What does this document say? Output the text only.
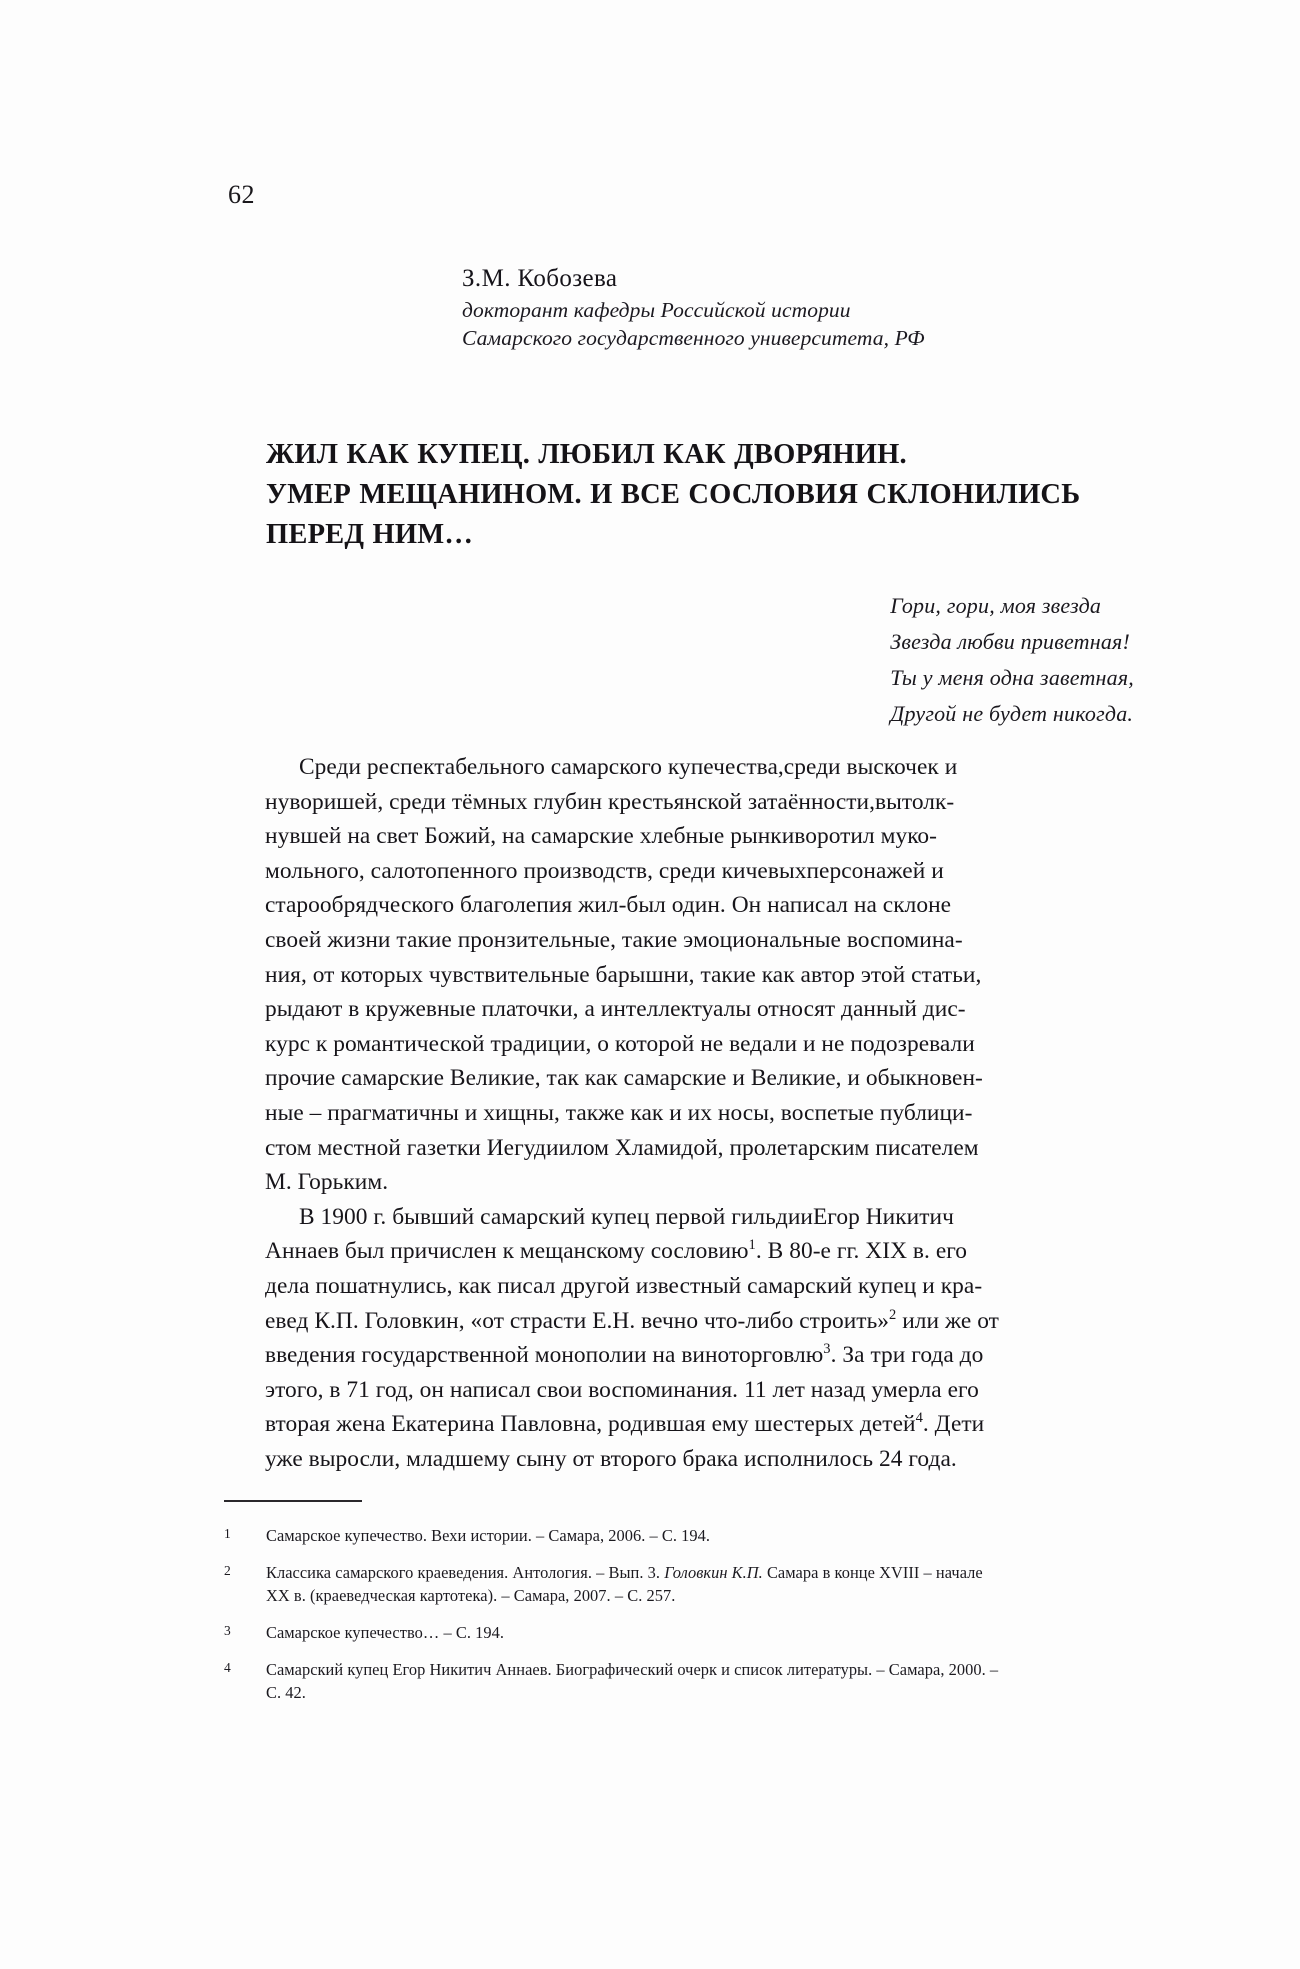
62
З.М. Кобозева
докторант кафедры Российской истории
Самарского государственного университета, РФ
ЖИЛ КАК КУПЕЦ. ЛЮБИЛ КАК ДВОРЯНИН.
УМЕР МЕЩАНИНОМ. И ВСЕ СОСЛОВИЯ СКЛОНИЛИСЬ
ПЕРЕД НИМ…
Гори, гори, моя звезда
Звезда любви приветная!
Ты у меня одна заветная,
Другой не будет никогда.

Среди респектабельного самарского купечества, среди выскочек и
нуворишей, среди тёмных глубин крестьянской затаённости, вытолк-
нувшей на свет Божий, на самарские хлебные рынки воротил муко-
мольного, салотопенного производств, среди кичевых персонажей и
старообрядческого благолепия жил-был один. Он написал на склоне
своей жизни такие пронзительные, такие эмоциональные воспомина-
ния, от которых чувствительные барышни, такие как автор этой статьи,
рыдают в кружевные платочки, а интеллектуалы относят данный дис-
курс к романтической традиции, о которой не ведали и не подозревали
прочие самарские Великие, так как самарские и Великие, и обыкновен-
ные – прагматичны и хищны, также как и их носы, воспетые публици-
стом местной газетки Иегудиилом Хламидой, пролетарским писателем
М. Горьким.

В 1900 г. бывший самарский купец первой гильдии Егор Никитич
Аннаев был причислен к мещанскому сословию$^1$. В 80-е гг. XIX в. его
дела пошатнулись, как писал другой известный самарский купец и кра-
евед К.П. Головкин, «от страсти Е.Н. вечно что-либо строить»$^2$ или же от
введения государственной монополии на виноторговлю$^3$. За три года до
этого, в 71 год, он написал свои воспоминания. 11 лет назад умерла его
вторая жена Екатерина Павловна, родившая ему шестерых детей$^4$. Дети
уже выросли, младшему сыну от второго брака исполнилось 24 года.

1	Самарское купечество. Вехи истории. – Самара, 2006. – С. 194.
2	Классика самарского краеведения. Антология. – Вып. 3. Головкин К.П. Самара в конце XVIII – начале
XX в. (краеведческая картотека). – Самара, 2007. – С. 257.
3	Самарское купечество… – С. 194.
4	Самарский купец Егор Никитич Аннаев. Биографический очерк и список литературы. – Самара, 2000. –
С. 42.
